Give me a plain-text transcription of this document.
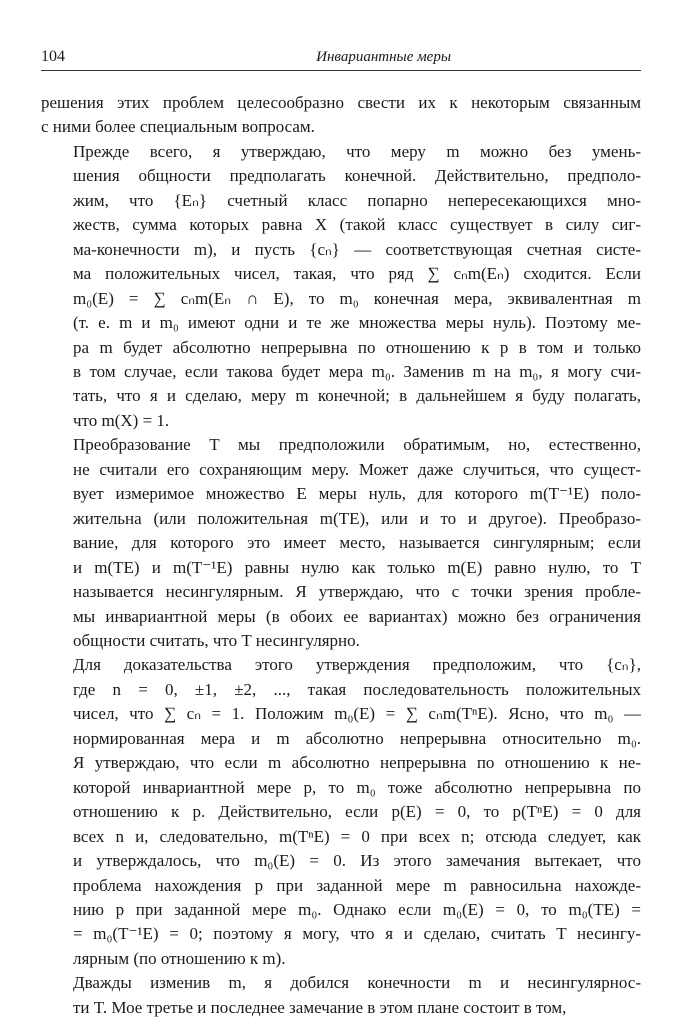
104	Инвариантные меры

решения этих проблем целесообразно свести их к некоторым связанным
с ними более специальным вопросам.

Прежде всего, я утверждаю, что меру m можно без умень-
шения общности предполагать конечной. Действительно, предполо-
жим, что {Eₙ} счетный класс попарно непересекающихся мно-
жеств, сумма которых равна X (такой класс существует в силу сиг-
ма-конечности m), и пусть {cₙ} — соответствующая счетная систе-
ма положительных чисел, такая, что ряд ∑ cₙm(Eₙ) сходится. Если
m₀(E) = ∑ cₙm(Eₙ ∩ E), то m₀ конечная мера, эквивалентная m
(т. е. m и m₀ имеют одни и те же множества меры нуль). Поэтому ме-
ра m будет абсолютно непрерывна по отношению к p в том и только
в том случае, если такова будет мера m₀. Заменив m на m₀, я могу счи-
тать, что я и сделаю, меру m конечной; в дальнейшем я буду полагать,
что m(X) = 1.

Преобразование T мы предположили обратимым, но, естественно,
не считали его сохраняющим меру. Может даже случиться, что сущест-
вует измеримое множество E меры нуль, для которого m(T⁻¹E) поло-
жительна (или положительная m(TE), или и то и другое). Преобразо-
вание, для которого это имеет место, называется сингулярным; если
и m(TE) и m(T⁻¹E) равны нулю как только m(E) равно нулю, то T
называется несингулярным. Я утверждаю, что с точки зрения пробле-
мы инвариантной меры (в обоих ее вариантах) можно без ограничения
общности считать, что T несингулярно.

Для доказательства этого утверждения предположим, что {cₙ},
где n = 0, ±1, ±2, ..., такая последовательность положительных
чисел, что ∑ cₙ = 1. Положим m₀(E) = ∑ cₙm(TⁿE). Ясно, что m₀ —
нормированная мера и m абсолютно непрерывна относительно m₀.
Я утверждаю, что если m абсолютно непрерывна по отношению к не-
которой инвариантной мере p, то m₀ тоже абсолютно непрерывна по
отношению к p. Действительно, если p(E) = 0, то p(TⁿE) = 0 для
всех n и, следовательно, m(TⁿE) = 0 при всех n; отсюда следует, как
и утверждалось, что m₀(E) = 0. Из этого замечания вытекает, что
проблема нахождения p при заданной мере m равносильна нахожде-
нию p при заданной мере m₀. Однако если m₀(E) = 0, то m₀(TE) =
= m₀(T⁻¹E) = 0; поэтому я могу, что я и сделаю, считать T несингу-
лярным (по отношению к m).

Дважды изменив m, я добился конечности m и несингулярнос-
ти T. Мое третье и последнее замечание в этом плане состоит в том,
